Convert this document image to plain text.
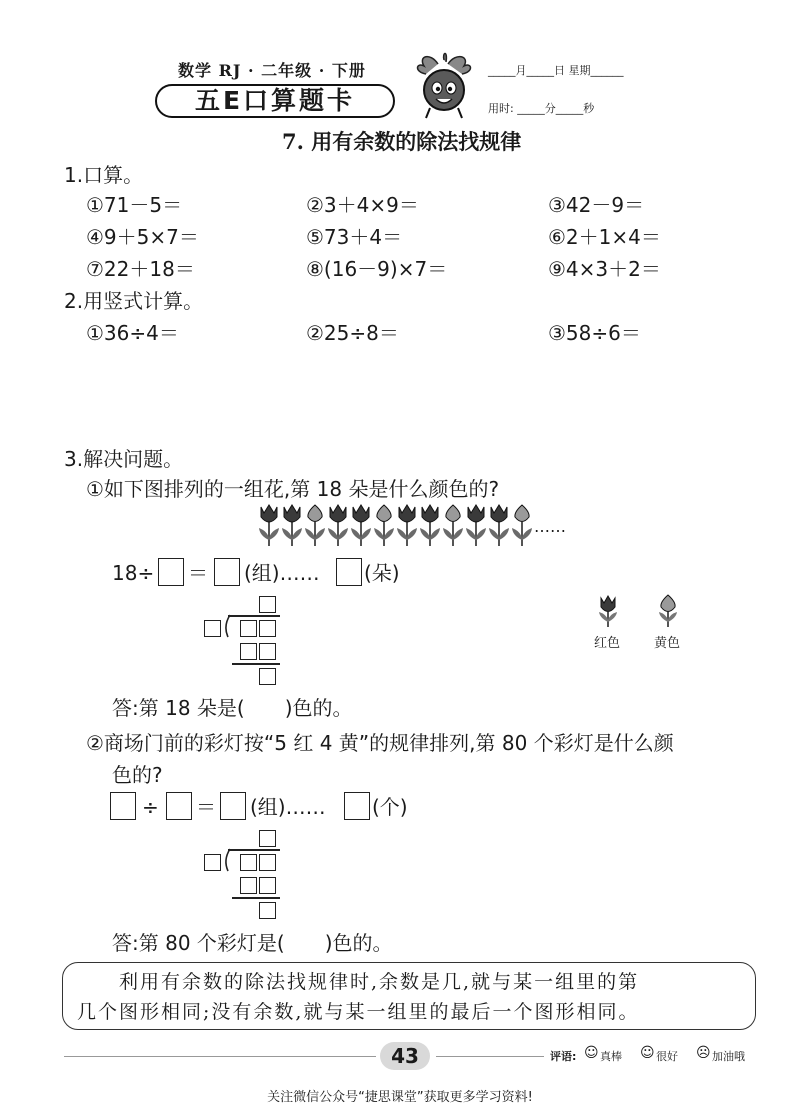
数学 RJ · 二年级 · 下册
五E口算题卡
_____月_____日 星期______
用时: _____分_____秒
7. 用有余数的除法找规律
1.口算。
①71－5＝	②3＋4×9＝	③42－9＝
④9＋5×7＝	⑤73＋4＝	⑥2＋1×4＝
⑦22＋18＝	⑧(16－9)×7＝	⑨4×3＋2＝
2.用竖式计算。
①36÷4＝	②25÷8＝	③58÷6＝
3.解决问题。
①如下图排列的一组花,第 18 朵是什么颜色的?
……
18÷ ＝ (组)…… (朵)
红色	黄色
答:第 18 朵是(　　)色的。
②商场门前的彩灯按“5 红 4 黄”的规律排列,第 80 个彩灯是什么颜
色的?
÷ ＝ (组)…… (个)
答:第 80 个彩灯是(　　)色的。
　　利用有余数的除法找规律时,余数是几,就与某一组里的第
几个图形相同;没有余数,就与某一组里的最后一个图形相同。
43	评语: ☺ 真棒 ☺ 很好 ☹ 加油哦
关注微信公众号“捷思课堂”获取更多学习资料!
